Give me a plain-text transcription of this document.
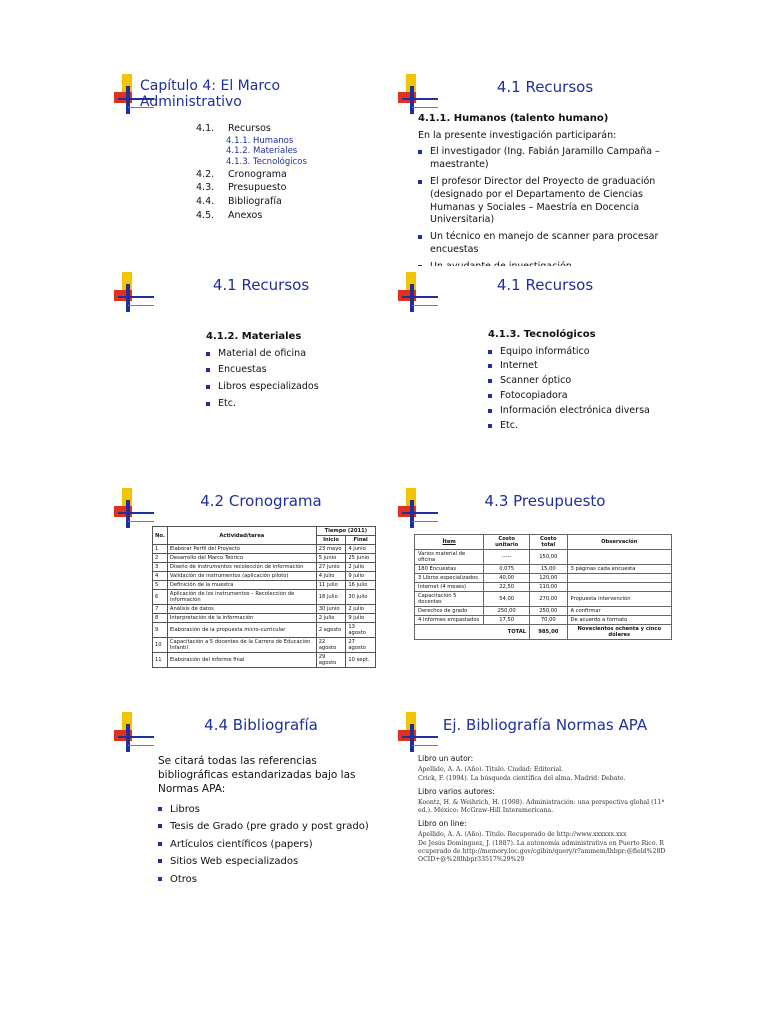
Capítulo 4: El Marco Administrativo
4.1. Recursos
4.1.1. Humanos
4.1.2. Materiales
4.1.3. Tecnológicos
4.2. Cronograma
4.3. Presupuesto
4.4. Bibliografía
4.5. Anexos
4.1 Recursos
4.1.1. Humanos (talento humano)
En la presente investigación participarán:
El investigador (Ing. Fabián Jaramillo Campaña – maestrante)
El profesor Director del Proyecto de graduación (designado por el Departamento de Ciencias Humanas y Sociales – Maestría en Docencia Universitaria)
Un técnico en manejo de scanner para procesar encuestas
4.1 Recursos
4.1.2. Materiales
Material de oficina
Encuestas
Libros especializados
Etc.
4.1 Recursos
4.1.3. Tecnológicos
Equipo informático
Internet
Scanner óptico
Fotocopiadora
Información electrónica diversa
Etc.
4.2 Cronograma
No.	Actividad/tarea	Tiempo (2011)	
		Inicio	Final
1	Elaborar Perfil del Proyecto	23 mayo	4 junio
2	Desarrollo del Marco Teórico	5 junio	25 junio
3	Diseño de instrumentos recolección de información	27 junio	2 julio
4	Validación de instrumentos (aplicación piloto)	4 julio	9 julio
5	Definición de la muestra	11 julio	16 julio
6	Aplicación de los instrumentos – Recolección de información	18 julio	30 julio
7	Análisis de datos	30 junio	2 julio
8	Interpretación de la información	2 julio	9 julio
9	Elaboración de la propuesta micro-curricular	2 agosto	13 agosto
10	Capacitación a 5 docentes de la Carrera de Educación Infantil	22 agosto	27 agosto
11	Elaboración del informe final	29 agosto	10 sept.
4.3 Presupuesto
Ítem	Costo unitario	Costo total	Observación
Varios material de oficina	-----	150,00	
180 Encuestas	0,075	15,00	3 páginas cada encuesta
3 Libros especializados	40,00	120,00	
Internet (4 meses)	22,50	110,00	
Capacitación 5 docentes	54,00	270,00	Propuesta intervención
Derechos de grado	250,00	250,00	A confirmar
4 Informes empastados	17,50	70,00	De acuerdo a formato
TOTAL		985,00	Novecientos ochenta y cinco dólares
4.4 Bibliografía
Se citará todas las referencias bibliográficas estandarizadas bajo las Normas APA:
Libros
Tesis de Grado (pre grado y post grado)
Artículos científicos (papers)
Sitios Web especializados
Otros
Ej. Bibliografía Normas APA
Libro un autor:
Apellido, A. A. (Año). Título. Ciudad: Editorial.
Crick, F. (1994). La búsqueda científica del alma. Madrid: Debate.
Libro varios autores:
Koontz, H. & Weihrich, H. (1998). Administración: una perspectiva global (11ª ed.). México: McGraw-Hill Interamericana.
Libro on line:
Apellido, A. A. (Año). Título. Recuperado de http://www.xxxxxx.xxx
De Jesús Domínguez, J. (1887). La autonomía administrativa en Puerto Rico. Recuperado de http://memory.loc.gov/cgibin/query/r?ammem/lhbpr:@field%28DOCID+@%28lhbpr33517%29%29
